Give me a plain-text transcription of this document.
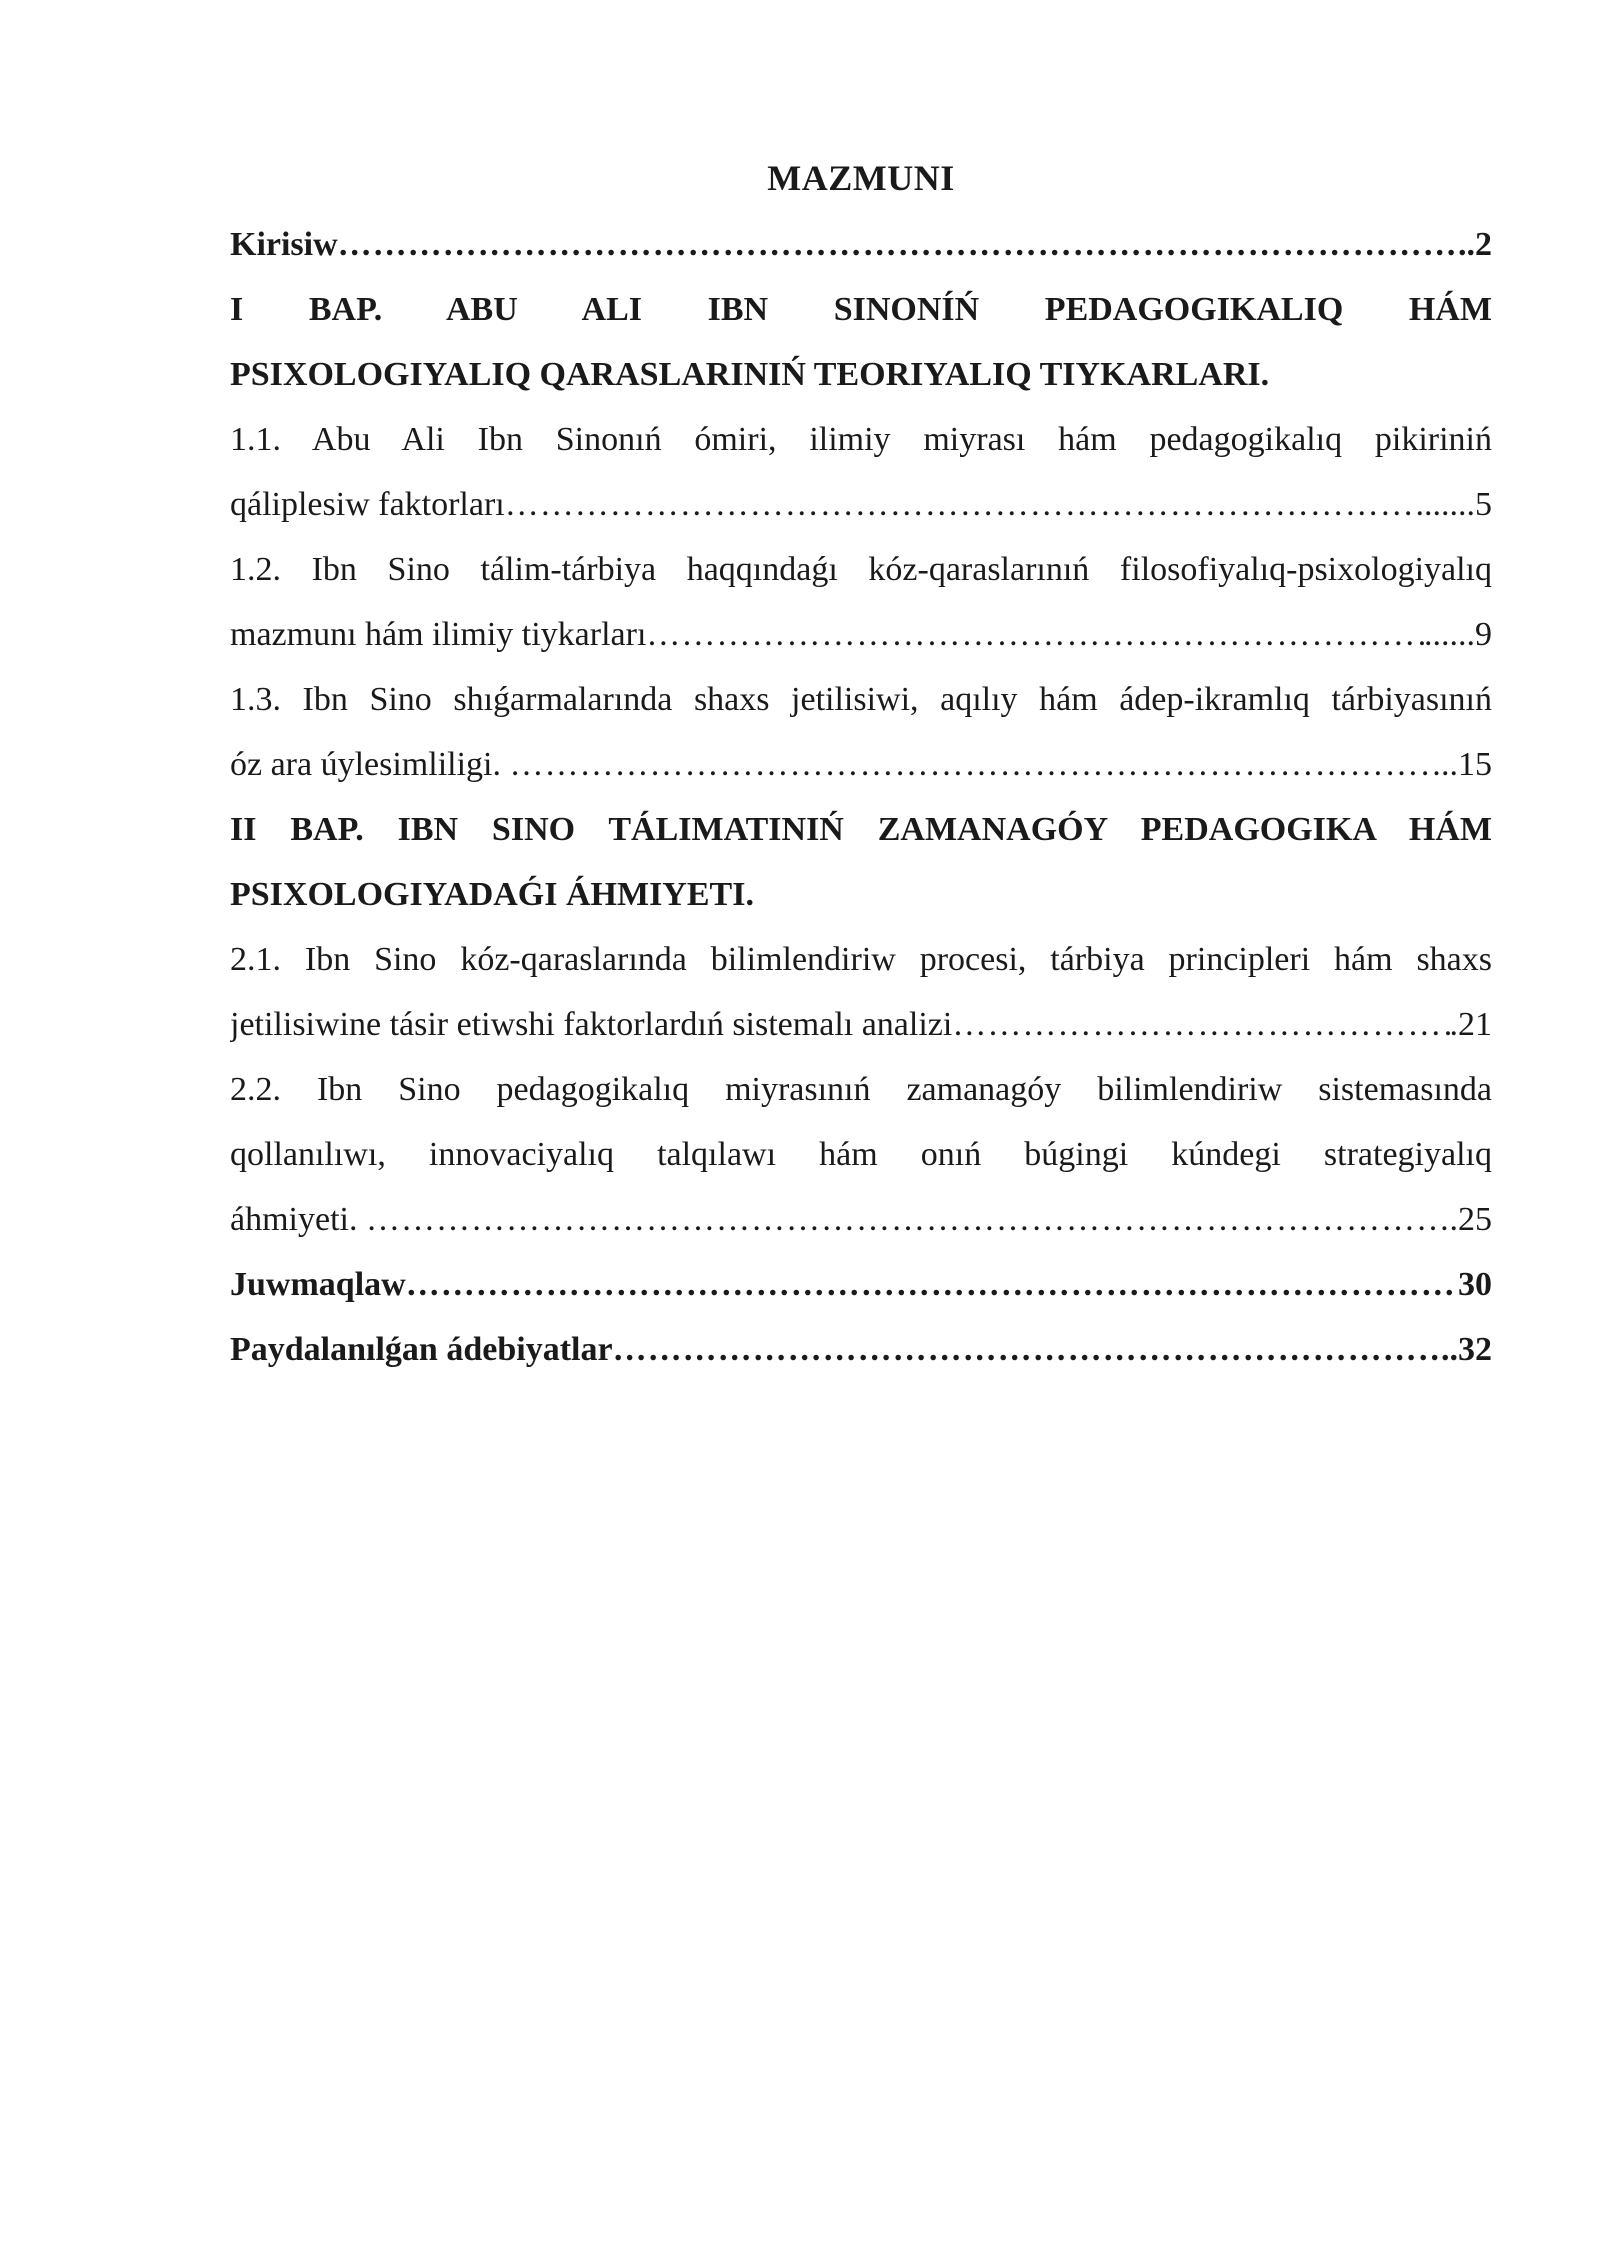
MAZMUNI
Kirisiw ……………………………………………………………………………………………………………………………………………………………………	..2
I BAP. ABU ALI IBN SINONÍŃ PEDAGOGIKALIQ HÁM
PSIXOLOGIYALIQ QARASLARINIŃ TEORIYALIQ TIYKARLARI.
1.1. Abu Ali Ibn Sinonıń ómiri, ilimiy miyrası hám pedagogikalıq pikiriniń
qáliplesiw faktorları ……………………………………………………………………………………………………………………………………………………………………	.......5
1.2. Ibn Sino tálim-tárbiya haqqındaǵı kóz-qaraslarınıń filosofiyalıq-psixologiyalıq
mazmunı hám ilimiy tiykarları ……………………………………………………………………………………………………………………………………………………………………	......9
1.3. Ibn Sino shıǵarmalarında shaxs jetilisiwi, aqılıy hám ádep-ikramlıq tárbiyasınıń
óz ara úylesimliligi. ……………………………………………………………………………………………………………………………………………………………………	..15
II BAP. IBN SINO TÁLIMATINIŃ ZAMANAGÓY PEDAGOGIKA HÁM
PSIXOLOGIYADAǴI ÁHMIYETI.
2.1. Ibn Sino kóz-qaraslarında bilimlendiriw procesi, tárbiya principleri hám shaxs
jetilisiwine tásir etiwshi faktorlardıń sistemalı analizi ……………………………………………………………………………………………………………………………………………………………………	.21
2.2. Ibn Sino pedagogikalıq miyrasınıń zamanagóy bilimlendiriw sistemasında
qollanılıwı, innovaciyalıq talqılawı hám onıń búgingi kúndegi strategiyalıq
áhmiyeti. ……………………………………………………………………………………………………………………………………………………………………	.25
Juwmaqlaw ……………………………………………………………………………………………………………………………………………………………………	30
Paydalanılǵan ádebiyatlar ……………………………………………………………………………………………………………………………………………………………………	..32
